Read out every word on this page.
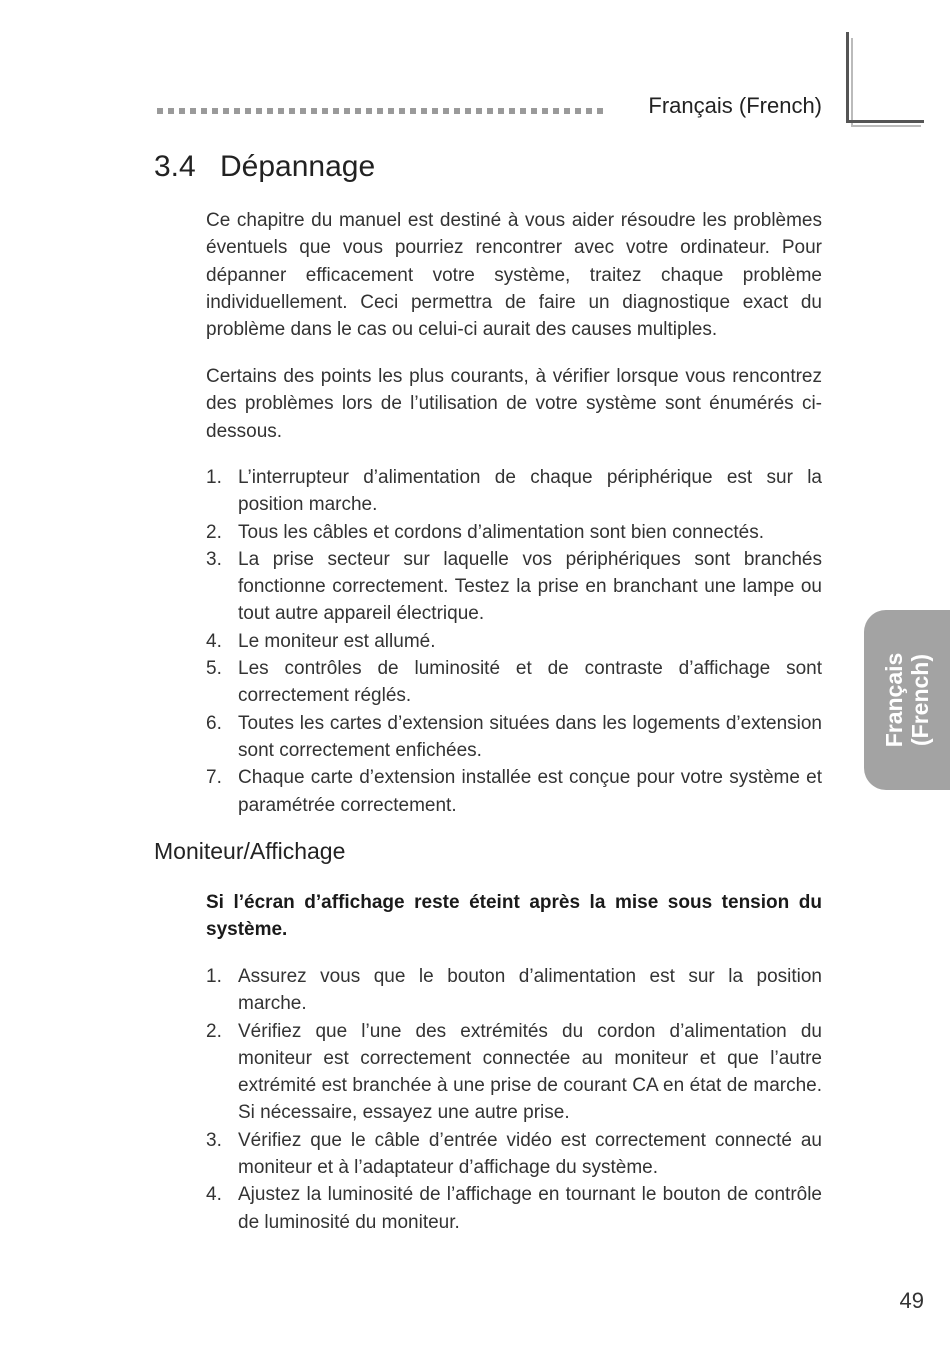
Français (French)
3.4 Dépannage

Ce chapitre du manuel est destiné à vous aider résoudre les problèmes éventuels que vous pourriez rencontrer avec votre ordinateur. Pour dépanner efficacement votre système, traitez chaque problème individuellement. Ceci permettra de faire un diagnostique exact du problème dans le cas ou celui-ci aurait des causes multiples.

Certains des points les plus courants, à vérifier lorsque vous rencontrez des problèmes lors de l’utilisation de votre système sont énumérés ci-dessous.

1. L’interrupteur d’alimentation de chaque périphérique est sur la position marche.
2. Tous les câbles et cordons d’alimentation sont bien connectés.
3. La prise secteur sur laquelle vos périphériques sont branchés fonctionne correctement. Testez la prise en branchant une lampe ou tout autre appareil électrique.
4. Le moniteur est allumé.
5. Les contrôles de luminosité et de contraste d’affichage sont correctement réglés.
6. Toutes les cartes d’extension situées dans les logements d’extension sont correctement enfichées.
7. Chaque carte d’extension installée est conçue pour votre système et paramétrée correctement.
Moniteur/Affichage

Si l’écran d’affichage reste éteint après la mise sous tension du système.

1. Assurez vous que le bouton d’alimentation est sur la position marche.
2. Vérifiez que l’une des extrémités du cordon d’alimentation du moniteur est correctement connectée au moniteur et que l’autre extrémité est branchée à une prise de courant CA en état de marche. Si nécessaire, essayez une autre prise.
3. Vérifiez que le câble d’entrée vidéo est correctement connecté au moniteur et à l’adaptateur d’affichage du système.
4. Ajustez la luminosité de l’affichage en tournant le bouton de contrôle de luminosité du moniteur.
Français (French)
49
